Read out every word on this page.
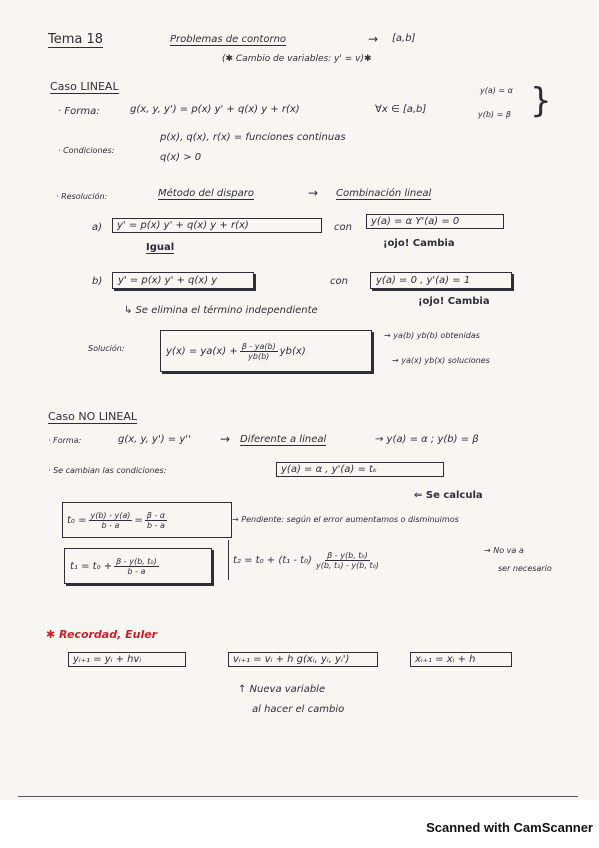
Tema 18	Problemas de contorno	→ [a,b]
(✱ Cambio de variables: y' = v)✱
Caso LINEAL
· Forma:	g(x, y, y') = p(x) y' + q(x) y + r(x)	∀x ∈ [a,b]
y(a) = α
y(b) = β }
· Condiciones:
p(x), q(x), r(x) = funciones continuas
q(x) > 0
· Resolución:	Método del disparo	→ Combinación lineal
a)	y' = p(x) y' + q(x) y + r(x)	con
y(a) = α Y'(a) = 0
Igual	¡ojo! Cambia
b)	y' = p(x) y' + q(x) y	con	y(a) = 0 , y'(a) = 1
¡ojo! Cambia
↳ Se elimina el término independiente
Solución:	$y(x) = ya(x) + \frac{\beta - ya(b)}{yb(b)} yb(x)$
→ ya(b) yb(b) obtenidas
→ ya(x) yb(x) soluciones
Caso NO LINEAL
· Forma:	g(x, y, y') = y'' → Diferente a lineal	→ y(a) = α ; y(b) = β
· Se cambian las condiciones:	y(a) = α , y'(a) = tₖ
⇐ Se calcula
$t_0 = \frac{y(b) - y(a)}{b - a} = \frac{\beta - \alpha}{b - a}$	→ Pendiente: según el error aumentamos o disminuimos
$t_1 = t_0 + \frac{\text{β - y(b, t₀)}}{b - a}$	$t_2 = t_0 + (t_1 - t_0) \frac{\text{β - y(b, t₀)}}{\text{y(b, t₁) - y(b, t₀)}}$	→ No va a
ser necesario
✱ Recordad, Euler
yᵢ₊₁ = yᵢ + hvᵢ	vᵢ₊₁ = vᵢ + h g(xᵢ, yᵢ, yᵢ')	xᵢ₊₁ = xᵢ + h
↑ Nueva variable
al hacer el cambio
Scanned with CamScanner
